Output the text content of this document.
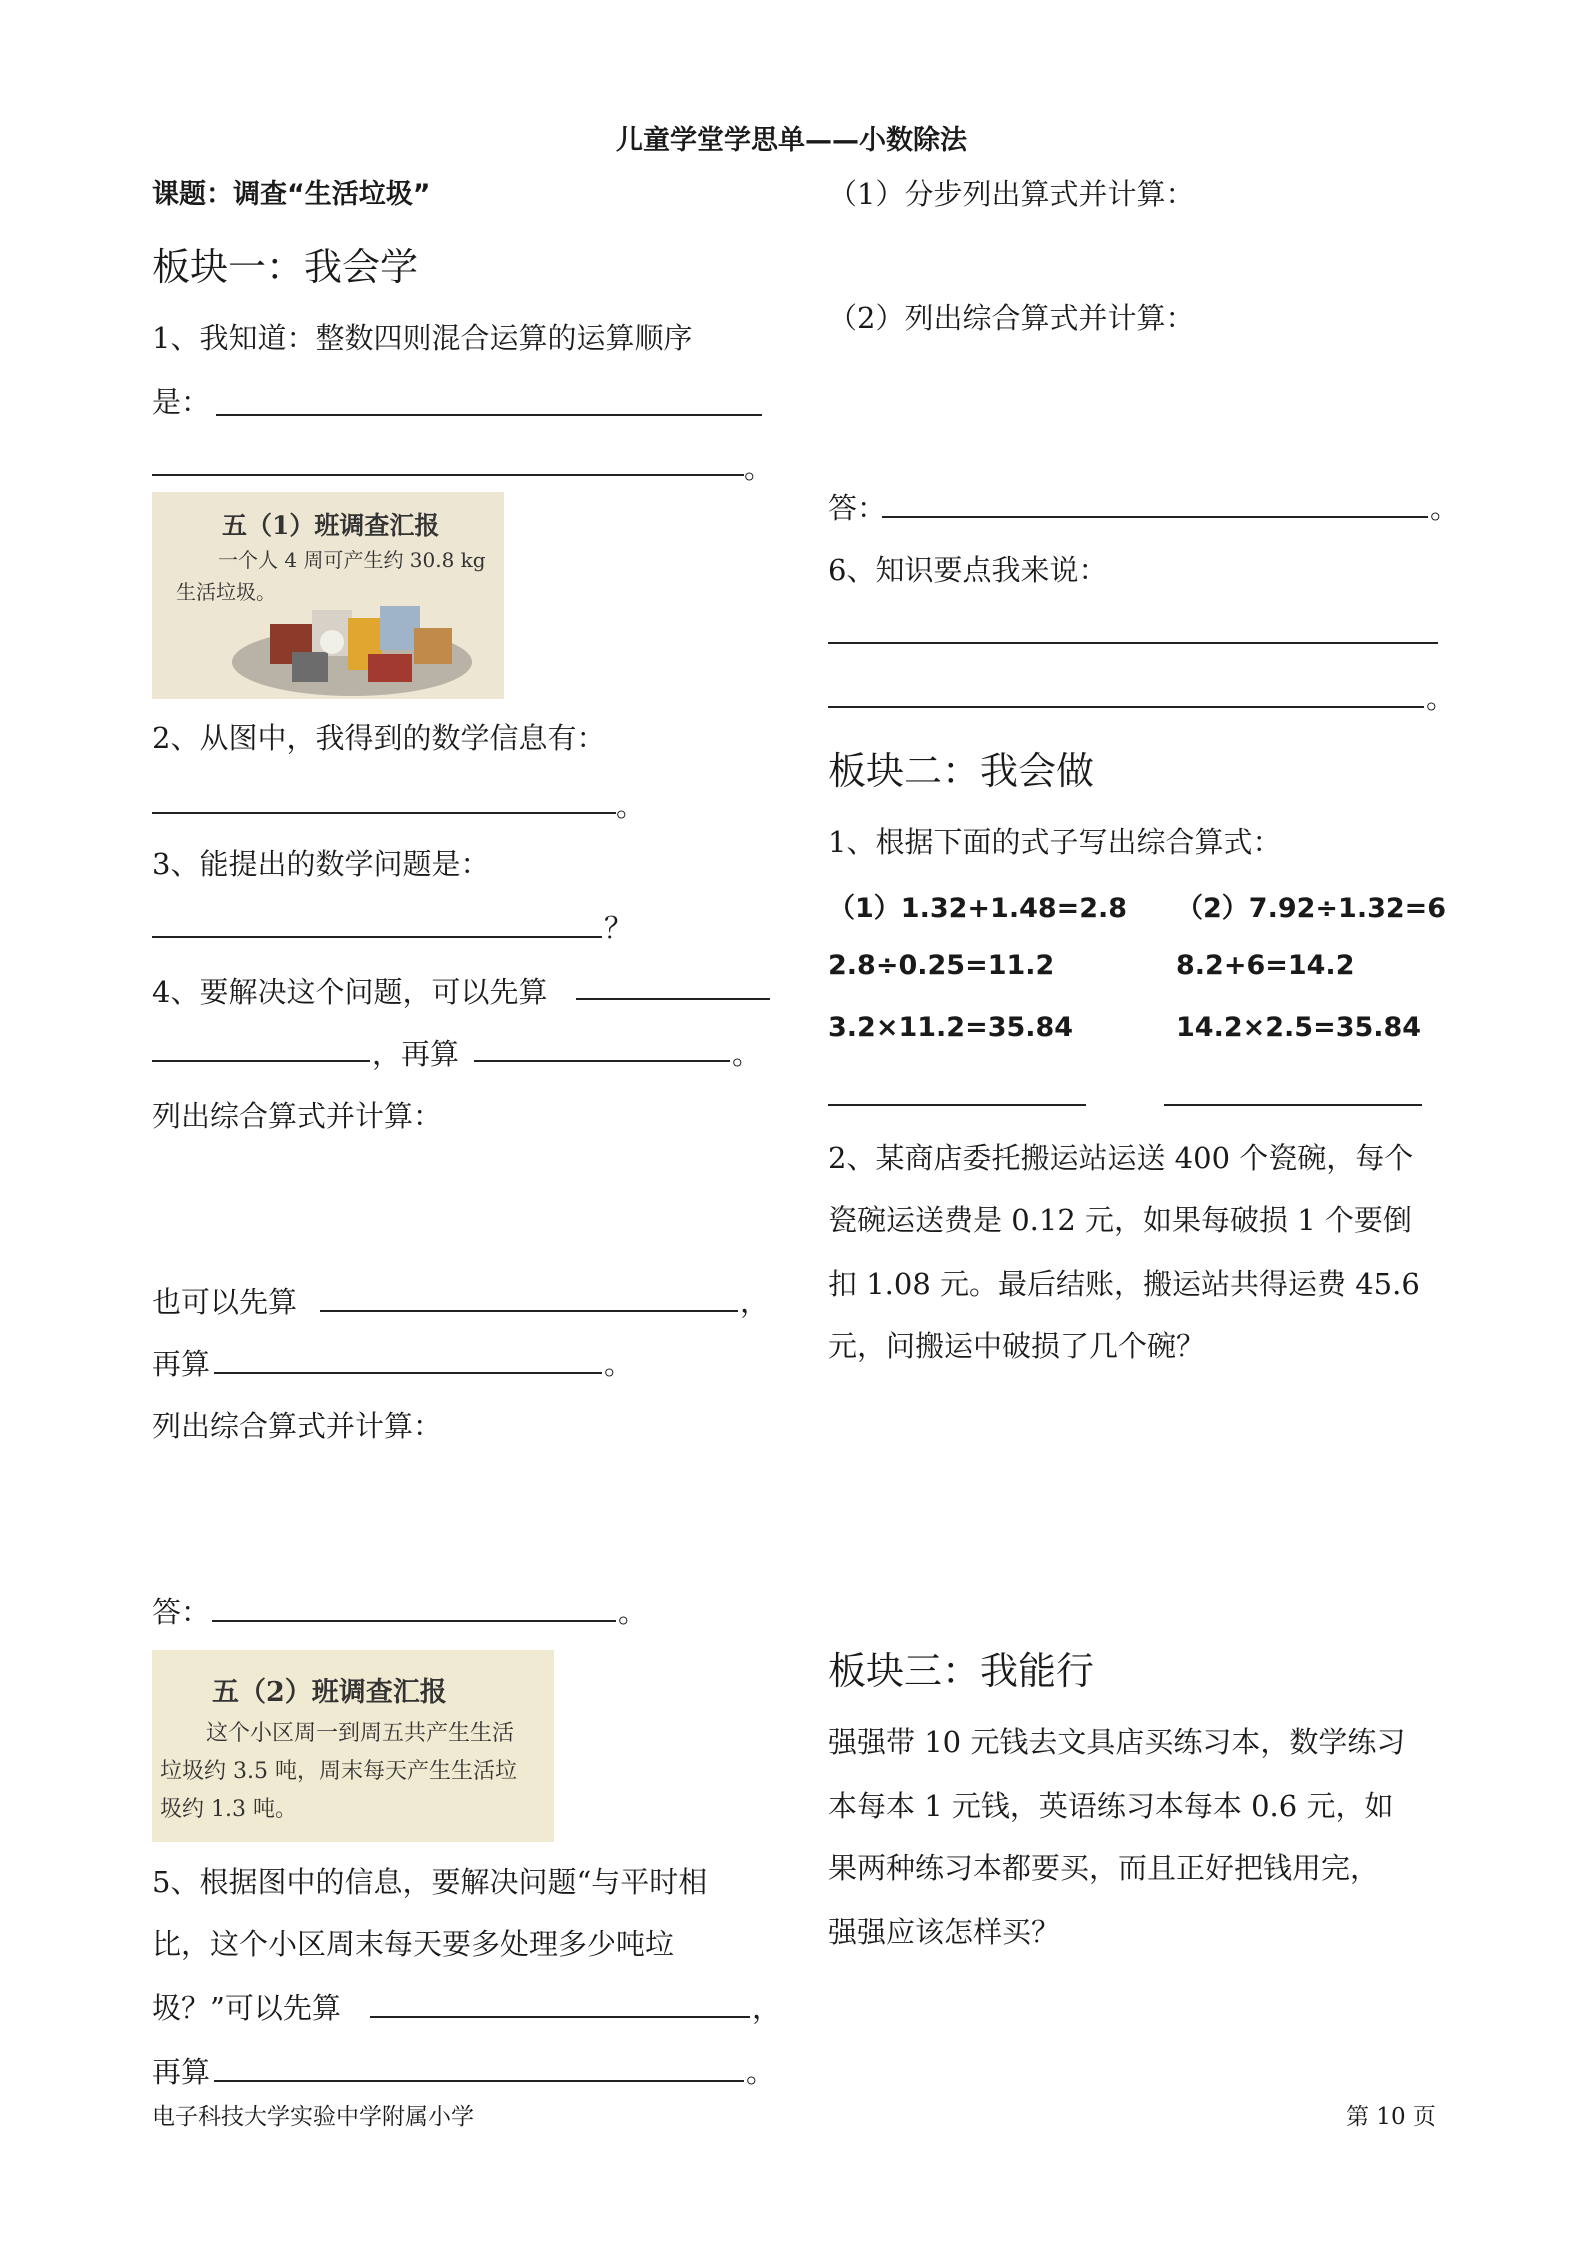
儿童学堂学思单——小数除法
课题：调查“生活垃圾”
板块一：我会学
1、我知道：整数四则混合运算的运算顺序
是：
。
五（1）班调查汇报
一个人 4 周可产生约 30.8 kg
生活垃圾。
2、从图中，我得到的数学信息有：
。
3、能提出的数学问题是：
？
4、要解决这个问题，可以先算
，再算	。
列出综合算式并计算：
也可以先算	，
再算	。
列出综合算式并计算：
答：	。
五（2）班调查汇报
这个小区周一到周五共产生生活
垃圾约 3.5 吨，周末每天产生生活垃
圾约 1.3 吨。
5、根据图中的信息，要解决问题“与平时相
比，这个小区周末每天要多处理多少吨垃
圾？”可以先算	，
再算	。
（1）分步列出算式并计算：
（2）列出综合算式并计算：
答：	。
6、知识要点我来说：
。
板块二：我会做
1、根据下面的式子写出综合算式：
（1）1.32+1.48=2.8
2.8÷0.25=11.2
3.2×11.2=35.84
（2）7.92÷1.32=6
8.2+6=14.2
14.2×2.5=35.84
2、某商店委托搬运站运送 400 个瓷碗，每个
瓷碗运送费是 0.12 元，如果每破损 1 个要倒
扣 1.08 元。最后结账，搬运站共得运费 45.6
元，问搬运中破损了几个碗？
板块三：我能行
强强带 10 元钱去文具店买练习本，数学练习
本每本 1 元钱，英语练习本每本 0.6 元，如
果两种练习本都要买，而且正好把钱用完，
强强应该怎样买？
电子科技大学实验中学附属小学	第 10 页
